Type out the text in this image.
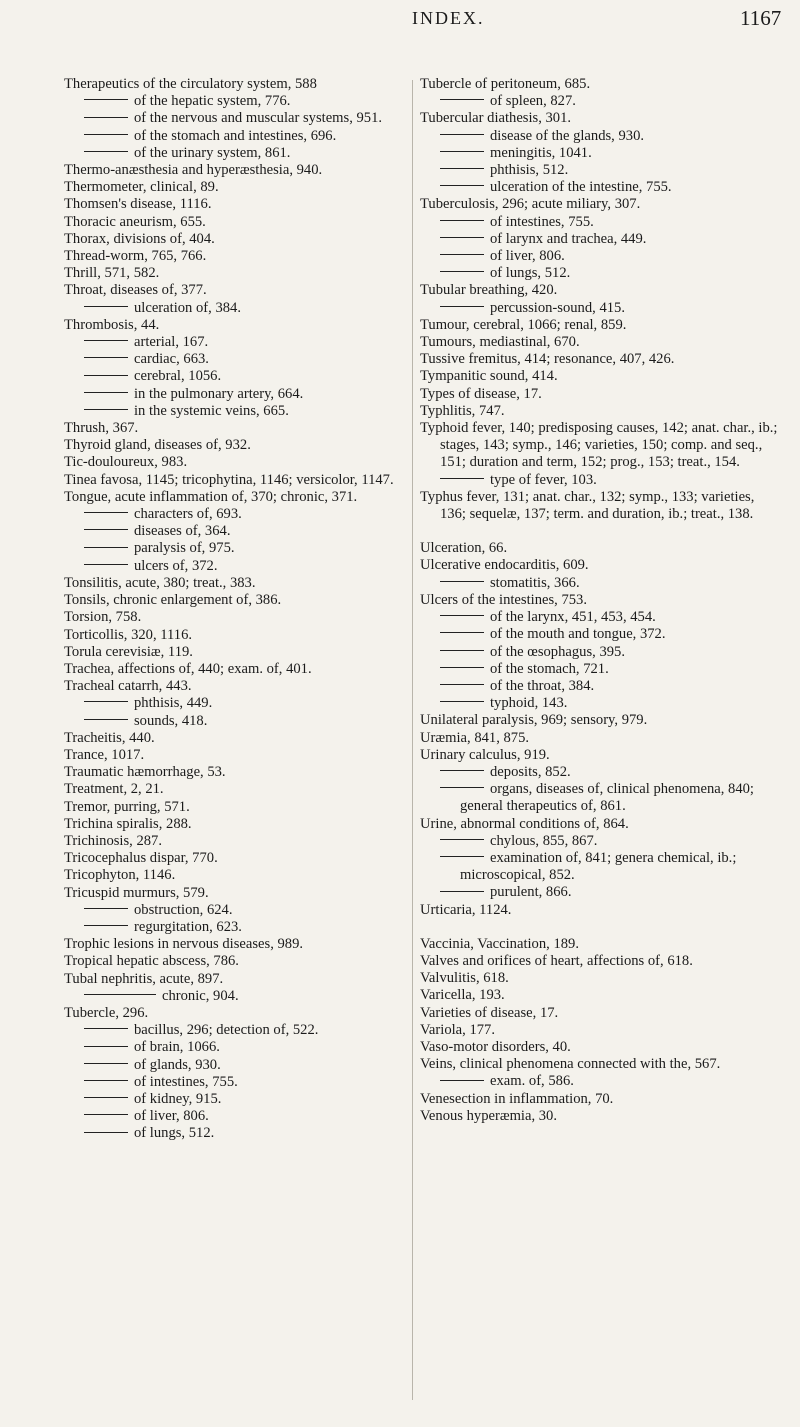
INDEX.	1167

Therapeutics of the circulatory system, 588

of the hepatic system, 776.

of the nervous and muscular systems, 951.

of the stomach and intestines, 696.

of the urinary system, 861.

Thermo-anæsthesia and hyperæsthesia, 940.

Thermometer, clinical, 89.

Thomsen's disease, 1116.

Thoracic aneurism, 655.

Thorax, divisions of, 404.

Thread-worm, 765, 766.

Thrill, 571, 582.

Throat, diseases of, 377.

ulceration of, 384.

Thrombosis, 44.

arterial, 167.

cardiac, 663.

cerebral, 1056.

in the pulmonary artery, 664.

in the systemic veins, 665.

Thrush, 367.

Thyroid gland, diseases of, 932.

Tic-douloureux, 983.

Tinea favosa, 1145; tricophytina, 1146; versicolor, 1147.

Tongue, acute inflammation of, 370; chronic, 371.

characters of, 693.

diseases of, 364.

paralysis of, 975.

ulcers of, 372.

Tonsilitis, acute, 380; treat., 383.

Tonsils, chronic enlargement of, 386.

Torsion, 758.

Torticollis, 320, 1116.

Torula cerevisiæ, 119.

Trachea, affections of, 440; exam. of, 401.

Tracheal catarrh, 443.

phthisis, 449.

sounds, 418.

Tracheitis, 440.

Trance, 1017.

Traumatic hæmorrhage, 53.

Treatment, 2, 21.

Tremor, purring, 571.

Trichina spiralis, 288.

Trichinosis, 287.

Tricocephalus dispar, 770.

Tricophyton, 1146.

Tricuspid murmurs, 579.

obstruction, 624.

regurgitation, 623.

Trophic lesions in nervous diseases, 989.

Tropical hepatic abscess, 786.

Tubal nephritis, acute, 897.

chronic, 904.

Tubercle, 296.

bacillus, 296; detection of, 522.

of brain, 1066.

of glands, 930.

of intestines, 755.

of kidney, 915.

of liver, 806.

of lungs, 512.

Tubercle of peritoneum, 685.

of spleen, 827.

Tubercular diathesis, 301.

disease of the glands, 930.

meningitis, 1041.

phthisis, 512.

ulceration of the intestine, 755.

Tuberculosis, 296; acute miliary, 307.

of intestines, 755.

of larynx and trachea, 449.

of liver, 806.

of lungs, 512.

Tubular breathing, 420.

percussion-sound, 415.

Tumour, cerebral, 1066; renal, 859.

Tumours, mediastinal, 670.

Tussive fremitus, 414; resonance, 407, 426.

Tympanitic sound, 414.

Types of disease, 17.

Typhlitis, 747.

Typhoid fever, 140; predisposing causes, 142; anat. char., ib.; stages, 143; symp., 146; varieties, 150; comp. and seq., 151; duration and term, 152; prog., 153; treat., 154.

type of fever, 103.

Typhus fever, 131; anat. char., 132; symp., 133; varieties, 136; sequelæ, 137; term. and duration, ib.; treat., 138.

Ulceration, 66.

Ulcerative endocarditis, 609.

stomatitis, 366.

Ulcers of the intestines, 753.

of the larynx, 451, 453, 454.

of the mouth and tongue, 372.

of the œsophagus, 395.

of the stomach, 721.

of the throat, 384.

typhoid, 143.

Unilateral paralysis, 969; sensory, 979.

Uræmia, 841, 875.

Urinary calculus, 919.

deposits, 852.

organs, diseases of, clinical phenomena, 840; general therapeutics of, 861.

Urine, abnormal conditions of, 864.

chylous, 855, 867.

examination of, 841; genera chemical, ib.; microscopical, 852.

purulent, 866.

Urticaria, 1124.

Vaccinia, Vaccination, 189.

Valves and orifices of heart, affections of, 618.

Valvulitis, 618.

Varicella, 193.

Varieties of disease, 17.

Variola, 177.

Vaso-motor disorders, 40.

Veins, clinical phenomena connected with the, 567.

exam. of, 586.

Venesection in inflammation, 70.

Venous hyperæmia, 30.
